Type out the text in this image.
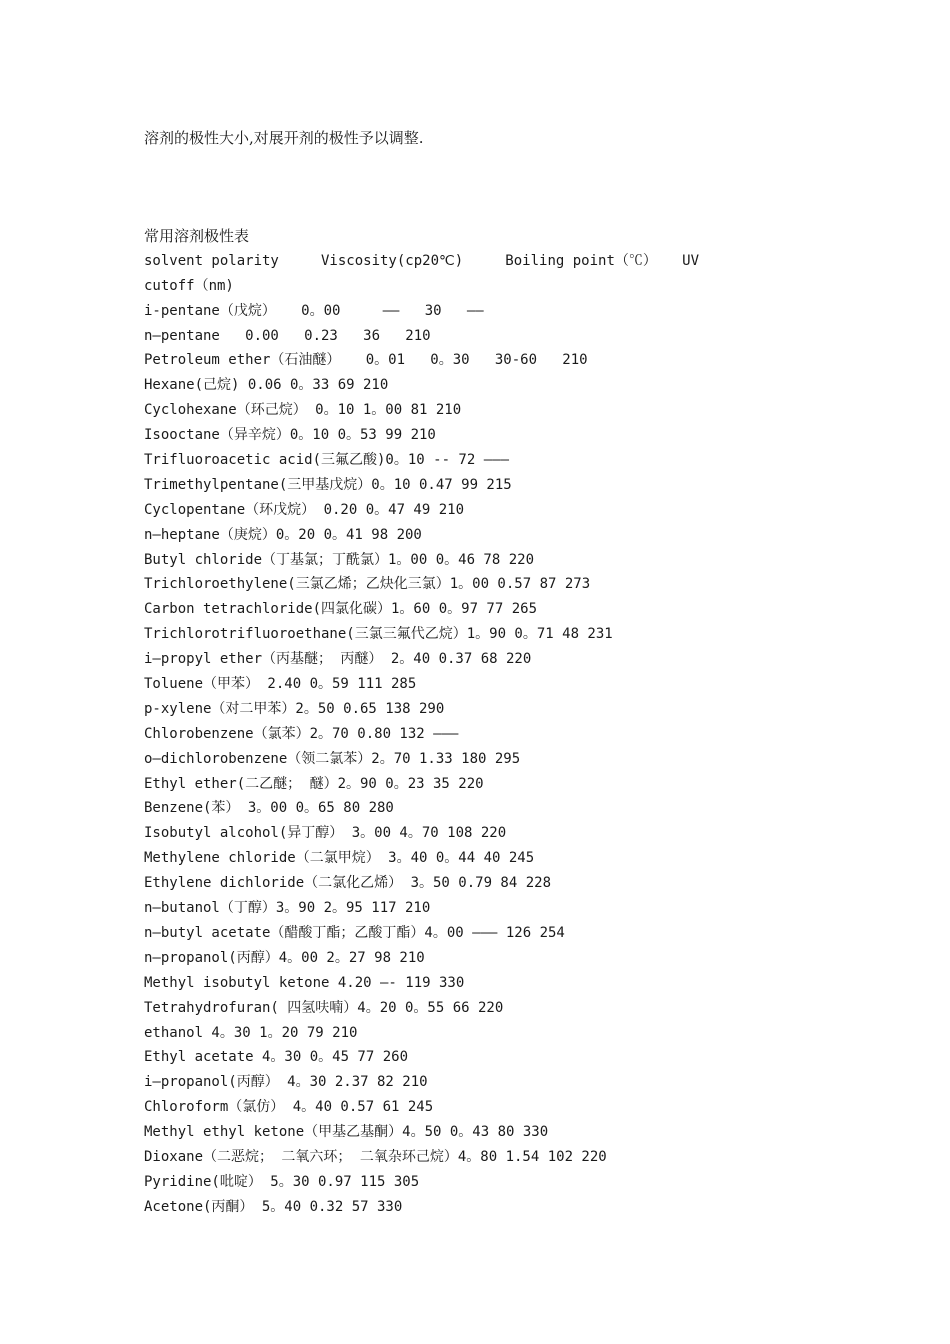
溶剂的极性大小,对展开剂的极性予以调整.
常用溶剂极性表
solvent polarity     Viscosity(cp20℃)     Boiling point（℃）   UV
cutoff（nm)
i-pentane（戊烷）   0。00     ——   30   ——
n—pentane   0.00   0.23   36   210
Petroleum ether（石油醚）   0。01   0。30   30-60   210
Hexane(己烷) 0.06 0。33 69 210
Cyclohexane（环己烷） 0。10 1。00 81 210
Isooctane（异辛烷）0。10 0。53 99 210
Trifluoroacetic acid(三氟乙酸)0。10 -- 72 ———
Trimethylpentane(三甲基戊烷）0。10 0.47 99 215
Cyclopentane（环戊烷） 0.20 0。47 49 210
n—heptane（庚烷）0。20 0。41 98 200
Butyl chloride（丁基氯；丁酰氯）1。00 0。46 78 220
Trichloroethylene(三氯乙烯；乙炔化三氯）1。00 0.57 87 273
Carbon tetrachloride(四氯化碳）1。60 0。97 77 265
Trichlorotrifluoroethane(三氯三氟代乙烷）1。90 0。71 48 231
i—propyl ether（丙基醚； 丙醚） 2。40 0.37 68 220
Toluene（甲苯） 2.40 0。59 111 285
p-xylene（对二甲苯）2。50 0.65 138 290
Chlorobenzene（氯苯）2。70 0.80 132 ———
o—dichlorobenzene（领二氯苯）2。70 1.33 180 295
Ethyl ether(二乙醚； 醚）2。90 0。23 35 220
Benzene(苯） 3。00 0。65 80 280
Isobutyl alcohol(异丁醇） 3。00 4。70 108 220
Methylene chloride（二氯甲烷） 3。40 0。44 40 245
Ethylene dichloride（二氯化乙烯） 3。50 0.79 84 228
n—butanol（丁醇）3。90 2。95 117 210
n—butyl acetate（醋酸丁酯；乙酸丁酯）4。00 ——— 126 254
n—propanol(丙醇）4。00 2。27 98 210
Methyl isobutyl ketone 4.20 —- 119 330
Tetrahydrofuran( 四氢呋喃）4。20 0。55 66 220
ethanol 4。30 1。20 79 210
Ethyl acetate 4。30 0。45 77 260
i—propanol(丙醇） 4。30 2.37 82 210
Chloroform（氯仿） 4。40 0.57 61 245
Methyl ethyl ketone（甲基乙基酮）4。50 0。43 80 330
Dioxane（二恶烷； 二氧六环； 二氧杂环己烷）4。80 1.54 102 220
Pyridine(吡啶） 5。30 0.97 115 305
Acetone(丙酮） 5。40 0.32 57 330
